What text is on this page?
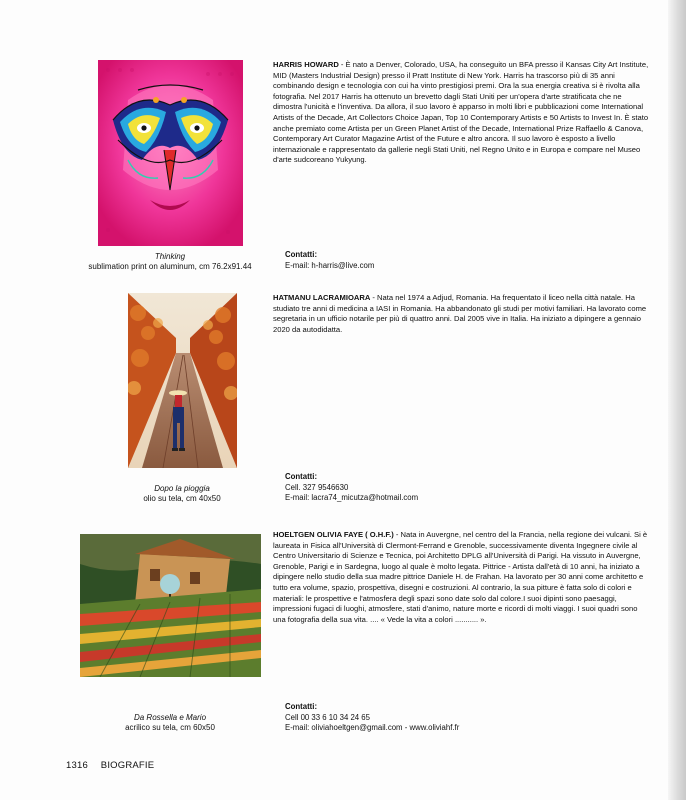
Thinking
sublimation print on aluminum, cm 76.2x91.44
HARRIS HOWARD - È nato a Denver, Colorado, USA, ha conseguito un BFA presso il Kansas City Art Institute, MID (Masters Industrial Design) presso il Pratt Institute di New York. Harris ha trascorso più di 35 anni combinando design e tecnologia con cui ha vinto prestigiosi premi. Ora la sua energia creativa si è rivolta alla fotografia. Nel 2017 Harris ha ottenuto un brevetto dagli Stati Uniti per un'opera d'arte stratificata che ne dimostra l'unicità e l'inventiva. Da allora, il suo lavoro è apparso in molti libri e pubblicazioni come International Artists of the Decade, Art Collectors Choice Japan, Top 10 Contemporary Artists e 50 Artists to Invest In. È stato anche premiato come Artista per un Green Planet Artist of the Decade, International Prize Raffaello & Canova, Contemporary Art Curator Magazine Artist of the Future e altro ancora. Il suo lavoro è esposto a livello internazionale e rappresentato da gallerie negli Stati Uniti, nel Regno Unito e in Europa e compare nel Museo d'arte sudcoreano Yukyung.
Contatti:
E-mail: h-harris@live.com
Dopo la pioggia
olio su tela, cm 40x50
HATMANU LACRAMIOARA - Nata nel 1974 a Adjud, Romania. Ha frequentato il liceo nella città natale. Ha studiato tre anni di medicina a IASI in Romania. Ha abbandonato gli studi per motivi familiari. Ha lavorato come segretaria in un ufficio notarile per più di quattro anni. Dal 2005 vive in Italia. Ha iniziato a dipingere a gennaio 2020 da autodidatta.
Contatti:
Cell. 327 9546630
E-mail: lacra74_micutza@hotmail.com
Da Rossella e Mario
acrilico su tela, cm 60x50
HOELTGEN OLIVIA FAYE ( O.H.F.) - Nata in Auvergne, nel centro del la Francia, nella regione dei vulcani. Si è laureata in Fisica all'Università di Clermont-Ferrand e Grenoble, successivamente diventa Ingegnere civile al Centro Universitario di Scienze e Tecnica, poi Architetto DPLG all'Università di Parigi. Ha vissuto in Auvergne, Grenoble, Parigi e in Sardegna, luogo al quale è molto legata. Pittrice - Artista dall'età di 10 anni, ha iniziato a dipingere nello studio della sua madre pittrice Daniele H. de Frahan. Ha lavorato per 30 anni come architetto e tutto era volume, spazio, prospettiva, disegni e costruzioni. Al contrario, la sua pitture è fatta solo di colori e materiali: le prospettive e l'atmosfera degli spazi sono date solo dal colore.I suoi dipinti sono paesaggi, impressioni fugaci di luoghi, atmosfere, stati d'animo, nature morte e ricordi di molti viaggi. I suoi quadri sono una fotografia della sua vita. .... « Vede la vita a colori ........... ».
Contatti:
Cell 00 33 6 10 34 24 65
E-mail: oliviahoeltgen@gmail.com - www.oliviahf.fr
1316 BIOGRAFIE
